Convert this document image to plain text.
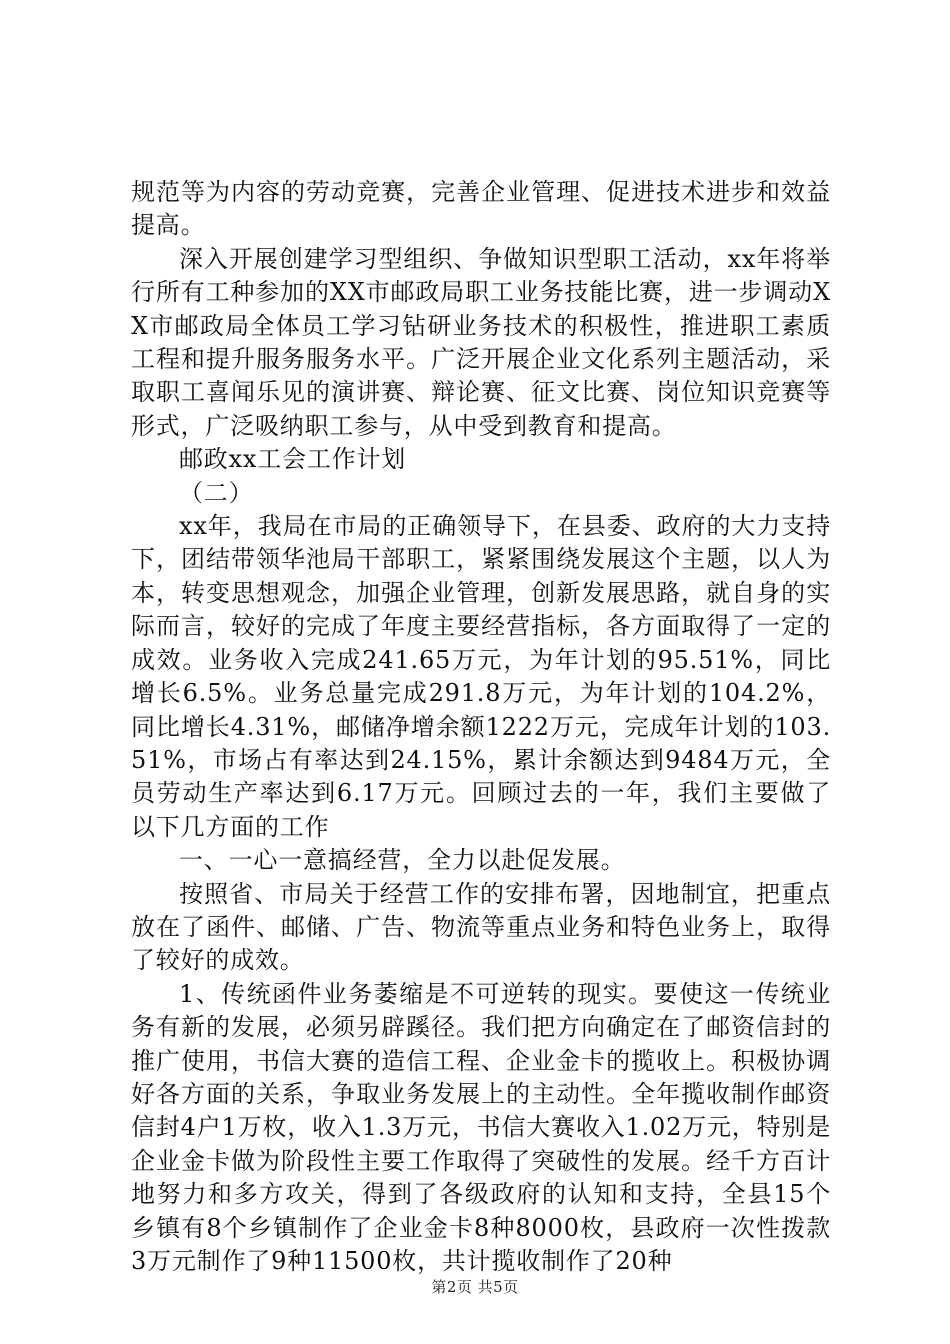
规范等为内容的劳动竞赛，完善企业管理、促进技术进步和效益提高。

深入开展创建学习型组织、争做知识型职工活动，xx年将举行所有工种参加的XX市邮政局职工业务技能比赛，进一步调动XX市邮政局全体员工学习钻研业务技术的积极性，推进职工素质工程和提升服务服务水平。广泛开展企业文化系列主题活动，采取职工喜闻乐见的演讲赛、辩论赛、征文比赛、岗位知识竞赛等形式，广泛吸纳职工参与，从中受到教育和提高。

邮政xx工会工作计划

（二）

xx年，我局在市局的正确领导下，在县委、政府的大力支持下，团结带领华池局干部职工，紧紧围绕发展这个主题，以人为本，转变思想观念，加强企业管理，创新发展思路，就自身的实际而言，较好的完成了年度主要经营指标，各方面取得了一定的成效。业务收入完成241.65万元，为年计划的95.51%，同比增长6.5%。业务总量完成291.8万元，为年计划的104.2%，同比增长4.31%，邮储净增余额1222万元，完成年计划的103.51%，市场占有率达到24.15%，累计余额达到9484万元，全员劳动生产率达到6.17万元。回顾过去的一年，我们主要做了以下几方面的工作

一、一心一意搞经营，全力以赴促发展。

按照省、市局关于经营工作的安排布署，因地制宜，把重点放在了函件、邮储、广告、物流等重点业务和特色业务上，取得了较好的成效。

1、传统函件业务萎缩是不可逆转的现实。要使这一传统业务有新的发展，必须另辟蹊径。我们把方向确定在了邮资信封的推广使用，书信大赛的造信工程、企业金卡的揽收上。积极协调好各方面的关系，争取业务发展上的主动性。全年揽收制作邮资信封4户1万枚，收入1.3万元，书信大赛收入1.02万元，特别是企业金卡做为阶段性主要工作取得了突破性的发展。经千方百计地努力和多方攻关，得到了各级政府的认知和支持，全县15个乡镇有8个乡镇制作了企业金卡8种8000枚，县政府一次性拨款3万元制作了9种11500枚，共计揽收制作了20种

第2页 共5页
